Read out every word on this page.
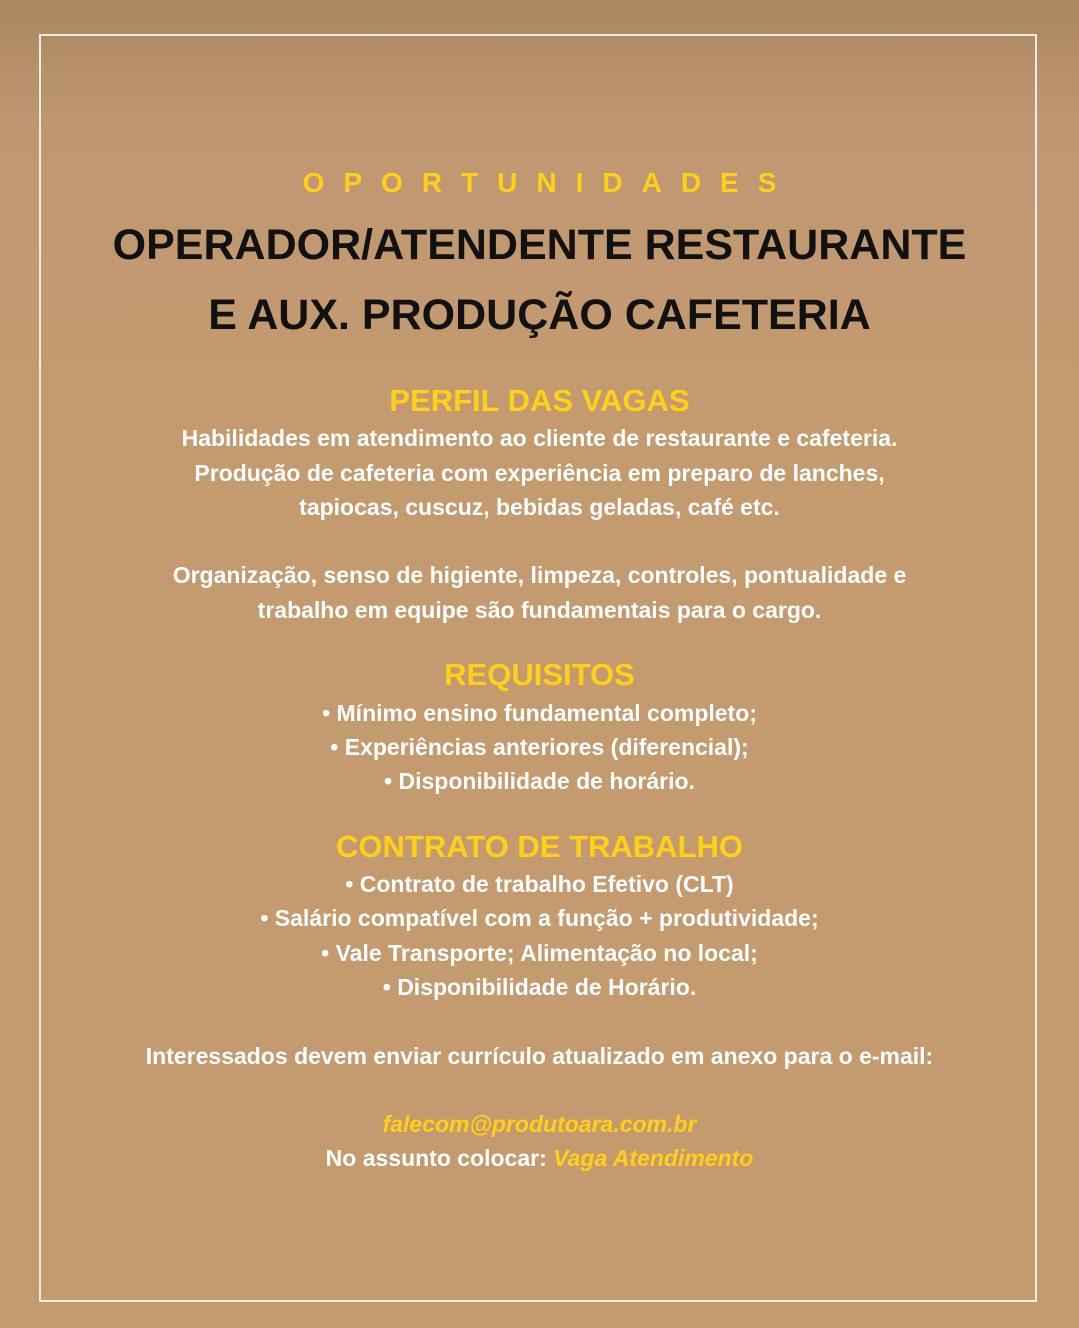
OPORTUNIDADES
OPERADOR/ATENDENTE RESTAURANTE
E AUX. PRODUÇÃO CAFETERIA
PERFIL DAS VAGAS
Habilidades em atendimento ao cliente de restaurante e cafeteria.
Produção de cafeteria com experiência em preparo de lanches,
tapiocas, cuscuz, bebidas geladas, café etc.
Organização, senso de higiente, limpeza, controles, pontualidade e
trabalho em equipe são fundamentais para o cargo.
REQUISITOS
• Mínimo ensino fundamental completo;
• Experiências anteriores (diferencial);
• Disponibilidade de horário.
CONTRATO DE TRABALHO
• Contrato de trabalho Efetivo (CLT)
• Salário compatível com a função + produtividade;
• Vale Transporte; Alimentação no local;
• Disponibilidade de Horário.
Interessados devem enviar currículo atualizado em anexo para o e-mail:
falecom@produtoara.com.br
No assunto colocar: Vaga Atendimento
